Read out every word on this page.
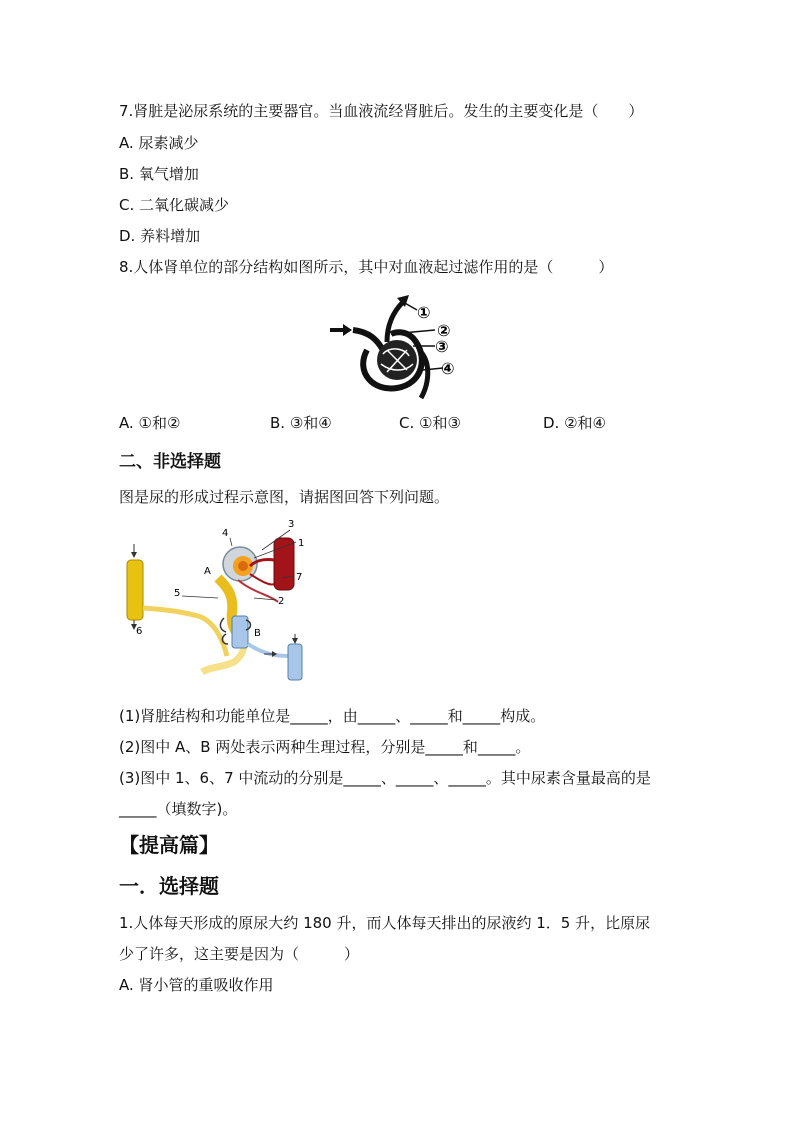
7.肾脏是泌尿系统的主要器官。当血液流经肾脏后。发生的主要变化是（　　）
A. 尿素减少
B. 氧气增加
C. 二氧化碳减少
D. 养料增加
8.人体肾单位的部分结构如图所示，其中对血液起过滤作用的是（　　　）
①
②
③
④
A. ①和②	B. ③和④	C. ①和③	D. ②和④
二、非选择题
图是尿的形成过程示意图，请据图回答下列问题。
3
4
1
A
7
5
2
B
6
(1)肾脏结构和功能单位是_____，由_____、_____和_____构成。
(2)图中 A、B 两处表示两种生理过程，分别是_____和_____。
(3)图中 1、6、7 中流动的分别是_____、_____、_____。其中尿素含量最高的是
_____（填数字)。
【提高篇】
一．选择题
1.人体每天形成的原尿大约 180 升，而人体每天排出的尿液约 1．5 升，比原尿
少了许多，这主要是因为（　　　）
A. 肾小管的重吸收作用
